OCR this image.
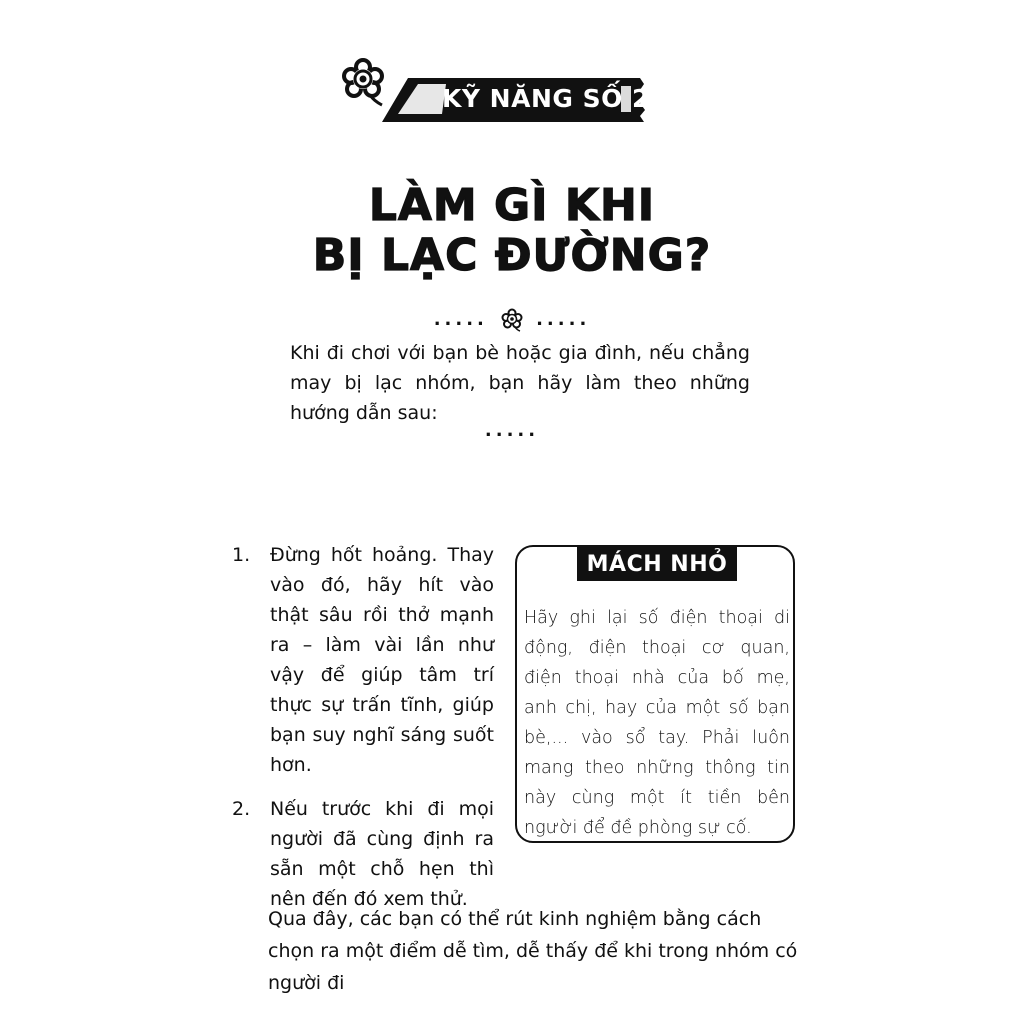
KỸ NĂNG SỐ 2
LÀM GÌ KHI
BỊ LẠC ĐƯỜNG?
.....	.....
Khi đi chơi với bạn bè hoặc gia đình, nếu chẳng may bị lạc nhóm, bạn hãy làm theo những hướng dẫn sau:
.....
1. Đừng hốt hoảng. Thay vào đó, hãy hít vào thật sâu rồi thở mạnh ra – làm vài lần như vậy để giúp tâm trí thực sự trấn tĩnh, giúp bạn suy nghĩ sáng suốt hơn.
2. Nếu trước khi đi mọi người đã cùng định ra sẵn một chỗ hẹn thì nên đến đó xem thử.
MÁCH NHỎ
Hãy ghi lại số điện thoại di động, điện thoại cơ quan, điện thoại nhà của bố mẹ, anh chị, hay của một số bạn bè,... vào sổ tay. Phải luôn mang theo những thông tin này cùng một ít tiền bên người để đề phòng sự cố.
Qua đây, các bạn có thể rút kinh nghiệm bằng cách chọn ra một điểm dễ tìm, dễ thấy để khi trong nhóm có người đi
